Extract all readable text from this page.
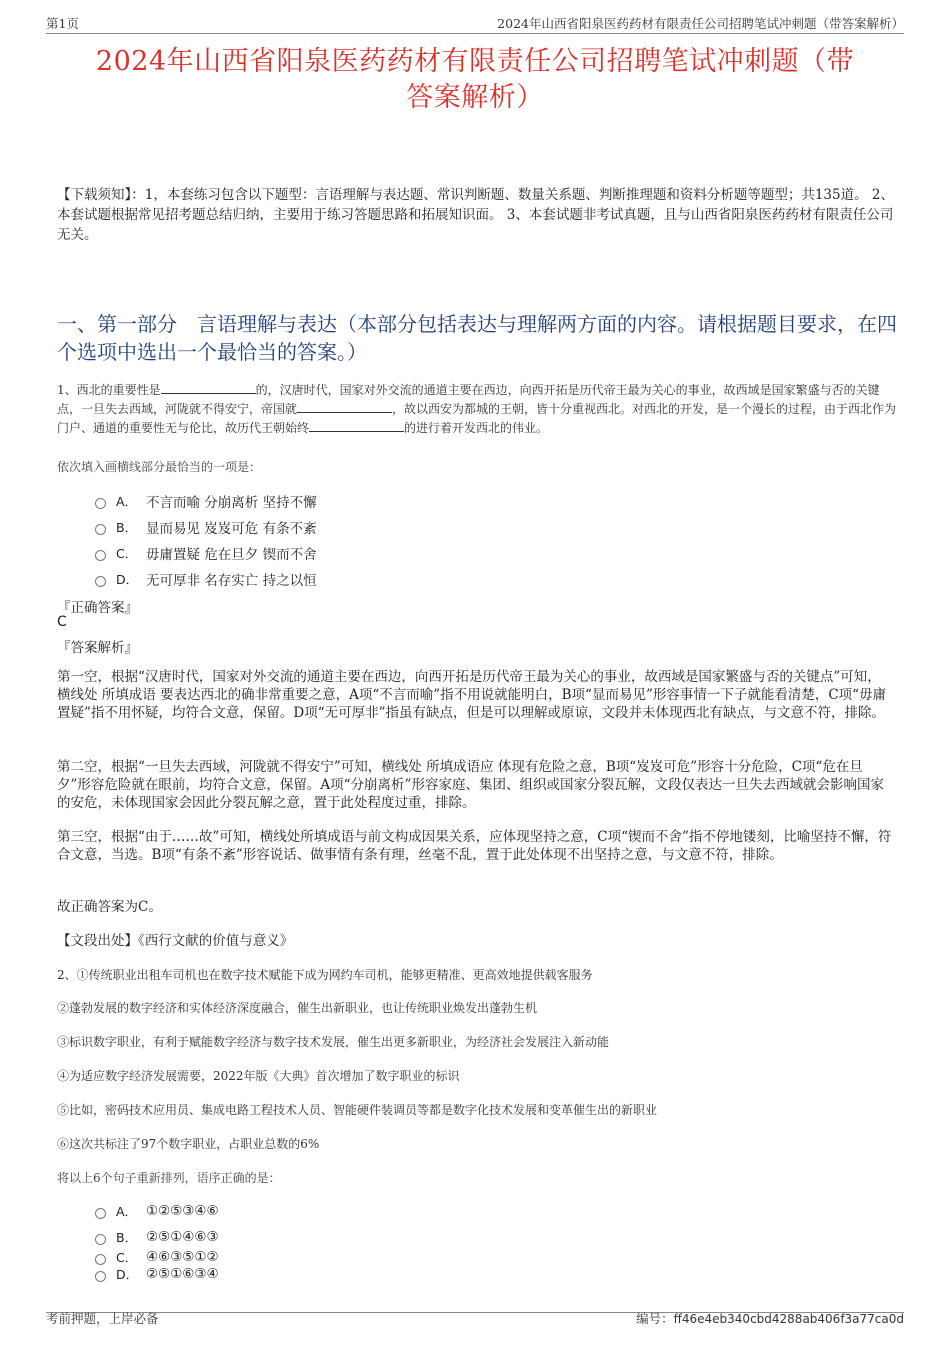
第1页	2024年山西省阳泉医药药材有限责任公司招聘笔试冲刺题（带答案解析）
2024年山西省阳泉医药药材有限责任公司招聘笔试冲刺题（带
答案解析）
【下载须知】：1，本套练习包含以下题型：言语理解与表达题、常识判断题、数量关系题、判断推理题和资料分析题等题型；共135道。 2、本套试题根据常见招考题总结归纳，主要用于练习答题思路和拓展知识面。 3、本套试题非考试真题，且与山西省阳泉医药药材有限责任公司无关。
一、第一部分　言语理解与表达（本部分包括表达与理解两方面的内容。请根据题目要求，在四个选项中选出一个最恰当的答案。）
1、西北的重要性是	的，汉唐时代，国家对外交流的通道主要在西边，向西开拓是历代帝王最为关心的事业，故西域是国家繁盛与否的关键点，一旦失去西域，河陇就不得安宁，帝国就	，故以西安为都城的王朝，皆十分重视西北。对西北的开发，是一个漫长的过程，由于西北作为门户、通道的重要性无与伦比，故历代王朝始终	的进行着开发西北的伟业。
依次填入画横线部分最恰当的一项是：
A． 不言而喻 分崩离析 坚持不懈
B． 显而易见 岌岌可危 有条不紊
C． 毋庸置疑 危在旦夕 锲而不舍
D． 无可厚非 名存实亡 持之以恒
『正确答案』
C
『答案解析』
第一空，根据“汉唐时代，国家对外交流的通道主要在西边，向西开拓是历代帝王最为关心的事业，故西域是国家繁盛与否的关键点”可知，横线处 所填成语 要表达西北的确非常重要之意，A项“不言而喻”指不用说就能明白，B项“显而易见”形容事情一下子就能看清楚，C项“毋庸置疑”指不用怀疑，均符合文意，保留。D项“无可厚非”指虽有缺点，但是可以理解或原谅，文段并未体现西北有缺点，与文意不符，排除。
第二空，根据“一旦失去西域，河陇就不得安宁”可知，横线处 所填成语应 体现有危险之意，B项“岌岌可危”形容十分危险，C项“危在旦夕”形容危险就在眼前，均符合文意，保留。A项“分崩离析”形容家庭、集团、组织或国家分裂瓦解，文段仅表达一旦失去西域就会影响国家的安危，未体现国家会因此分裂瓦解之意，置于此处程度过重，排除。
第三空，根据“由于……故”可知，横线处所填成语与前文构成因果关系，应体现坚持之意，C项“锲而不舍”指不停地镂刻，比喻坚持不懈，符合文意，当选。B项“有条不紊”形容说话、做事情有条有理，丝毫不乱，置于此处体现不出坚持之意，与文意不符，排除。
故正确答案为C。
【文段出处】《西行文献的价值与意义》
2、①传统职业出租车司机也在数字技术赋能下成为网约车司机，能够更精准、更高效地提供载客服务
②蓬勃发展的数字经济和实体经济深度融合，催生出新职业，也让传统职业焕发出蓬勃生机
③标识数字职业，有利于赋能数字经济与数字技术发展，催生出更多新职业，为经济社会发展注入新动能
④为适应数字经济发展需要，2022年版《大典》首次增加了数字职业的标识
⑤比如，密码技术应用员、集成电路工程技术人员、智能硬件装调员等都是数字化技术发展和变革催生出的新职业
⑥这次共标注了97个数字职业，占职业总数的6%
将以上6个句子重新排列，语序正确的是：
A． ①②⑤③④⑥
B． ②⑤①④⑥③
C． ④⑥③⑤①②
D． ②⑤①⑥③④
考前押题，上岸必备	编号：ff46e4eb340cbd4288ab406f3a77ca0d
